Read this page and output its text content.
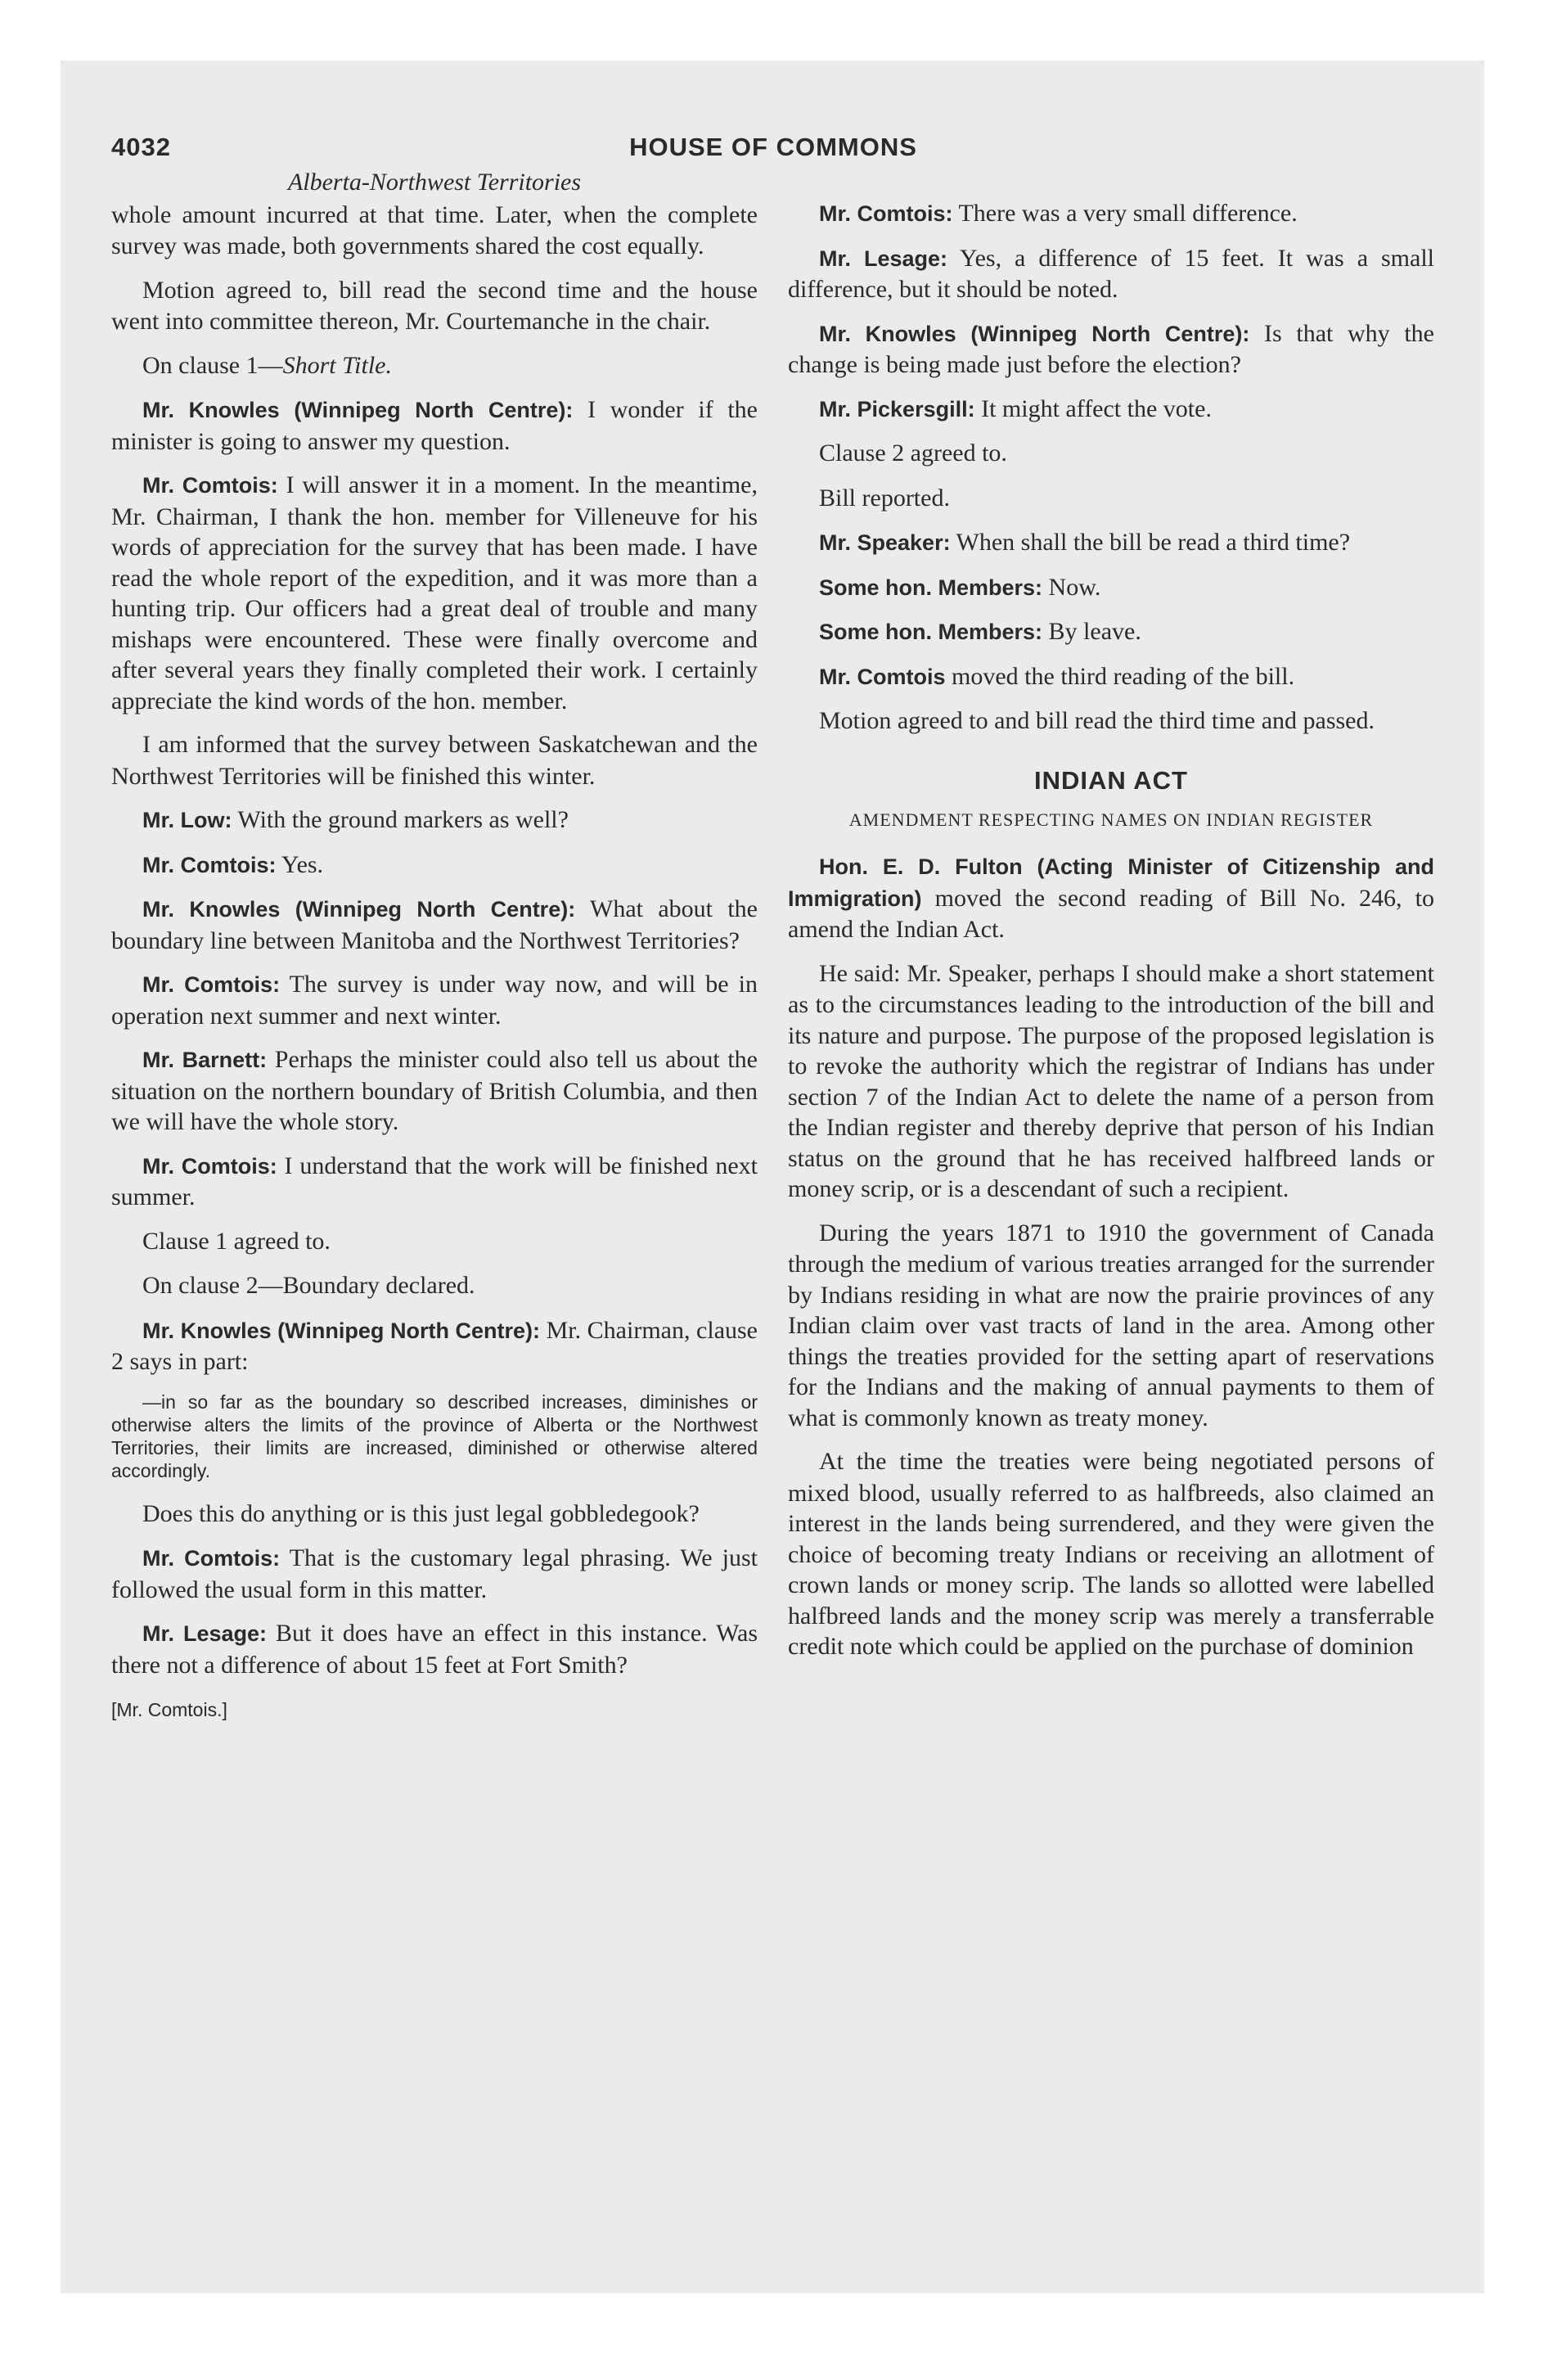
4032	HOUSE OF COMMONS
Alberta-Northwest Territories

whole amount incurred at that time. Later, when the complete survey was made, both governments shared the cost equally.

Motion agreed to, bill read the second time and the house went into committee thereon, Mr. Courtemanche in the chair.

On clause 1—Short Title.

Mr. Knowles (Winnipeg North Centre): I wonder if the minister is going to answer my question.

Mr. Comtois: I will answer it in a moment. In the meantime, Mr. Chairman, I thank the hon. member for Villeneuve for his words of appreciation for the survey that has been made. I have read the whole report of the expedition, and it was more than a hunting trip. Our officers had a great deal of trouble and many mishaps were encountered. These were finally overcome and after several years they finally completed their work. I certainly appreciate the kind words of the hon. member.

I am informed that the survey between Saskatchewan and the Northwest Territories will be finished this winter.

Mr. Low: With the ground markers as well?

Mr. Comtois: Yes.

Mr. Knowles (Winnipeg North Centre): What about the boundary line between Manitoba and the Northwest Territories?

Mr. Comtois: The survey is under way now, and will be in operation next summer and next winter.

Mr. Barnett: Perhaps the minister could also tell us about the situation on the northern boundary of British Columbia, and then we will have the whole story.

Mr. Comtois: I understand that the work will be finished next summer.

Clause 1 agreed to.

On clause 2—Boundary declared.

Mr. Knowles (Winnipeg North Centre): Mr. Chairman, clause 2 says in part:

—in so far as the boundary so described increases, diminishes or otherwise alters the limits of the province of Alberta or the Northwest Territories, their limits are increased, diminished or otherwise altered accordingly.

Does this do anything or is this just legal gobbledegook?

Mr. Comtois: That is the customary legal phrasing. We just followed the usual form in this matter.

Mr. Lesage: But it does have an effect in this instance. Was there not a difference of about 15 feet at Fort Smith?

[Mr. Comtois.]

Mr. Comtois: There was a very small difference.

Mr. Lesage: Yes, a difference of 15 feet. It was a small difference, but it should be noted.

Mr. Knowles (Winnipeg North Centre): Is that why the change is being made just before the election?

Mr. Pickersgill: It might affect the vote.

Clause 2 agreed to.

Bill reported.

Mr. Speaker: When shall the bill be read a third time?

Some hon. Members: Now.

Some hon. Members: By leave.

Mr. Comtois moved the third reading of the bill.

Motion agreed to and bill read the third time and passed.

INDIAN ACT
AMENDMENT RESPECTING NAMES ON INDIAN REGISTER

Hon. E. D. Fulton (Acting Minister of Citizenship and Immigration) moved the second reading of Bill No. 246, to amend the Indian Act.

He said: Mr. Speaker, perhaps I should make a short statement as to the circumstances leading to the introduction of the bill and its nature and purpose. The purpose of the proposed legislation is to revoke the authority which the registrar of Indians has under section 7 of the Indian Act to delete the name of a person from the Indian register and thereby deprive that person of his Indian status on the ground that he has received halfbreed lands or money scrip, or is a descendant of such a recipient.

During the years 1871 to 1910 the government of Canada through the medium of various treaties arranged for the surrender by Indians residing in what are now the prairie provinces of any Indian claim over vast tracts of land in the area. Among other things the treaties provided for the setting apart of reservations for the Indians and the making of annual payments to them of what is commonly known as treaty money.

At the time the treaties were being negotiated persons of mixed blood, usually referred to as halfbreeds, also claimed an interest in the lands being surrendered, and they were given the choice of becoming treaty Indians or receiving an allotment of crown lands or money scrip. The lands so allotted were labelled halfbreed lands and the money scrip was merely a transferrable credit note which could be applied on the purchase of dominion
